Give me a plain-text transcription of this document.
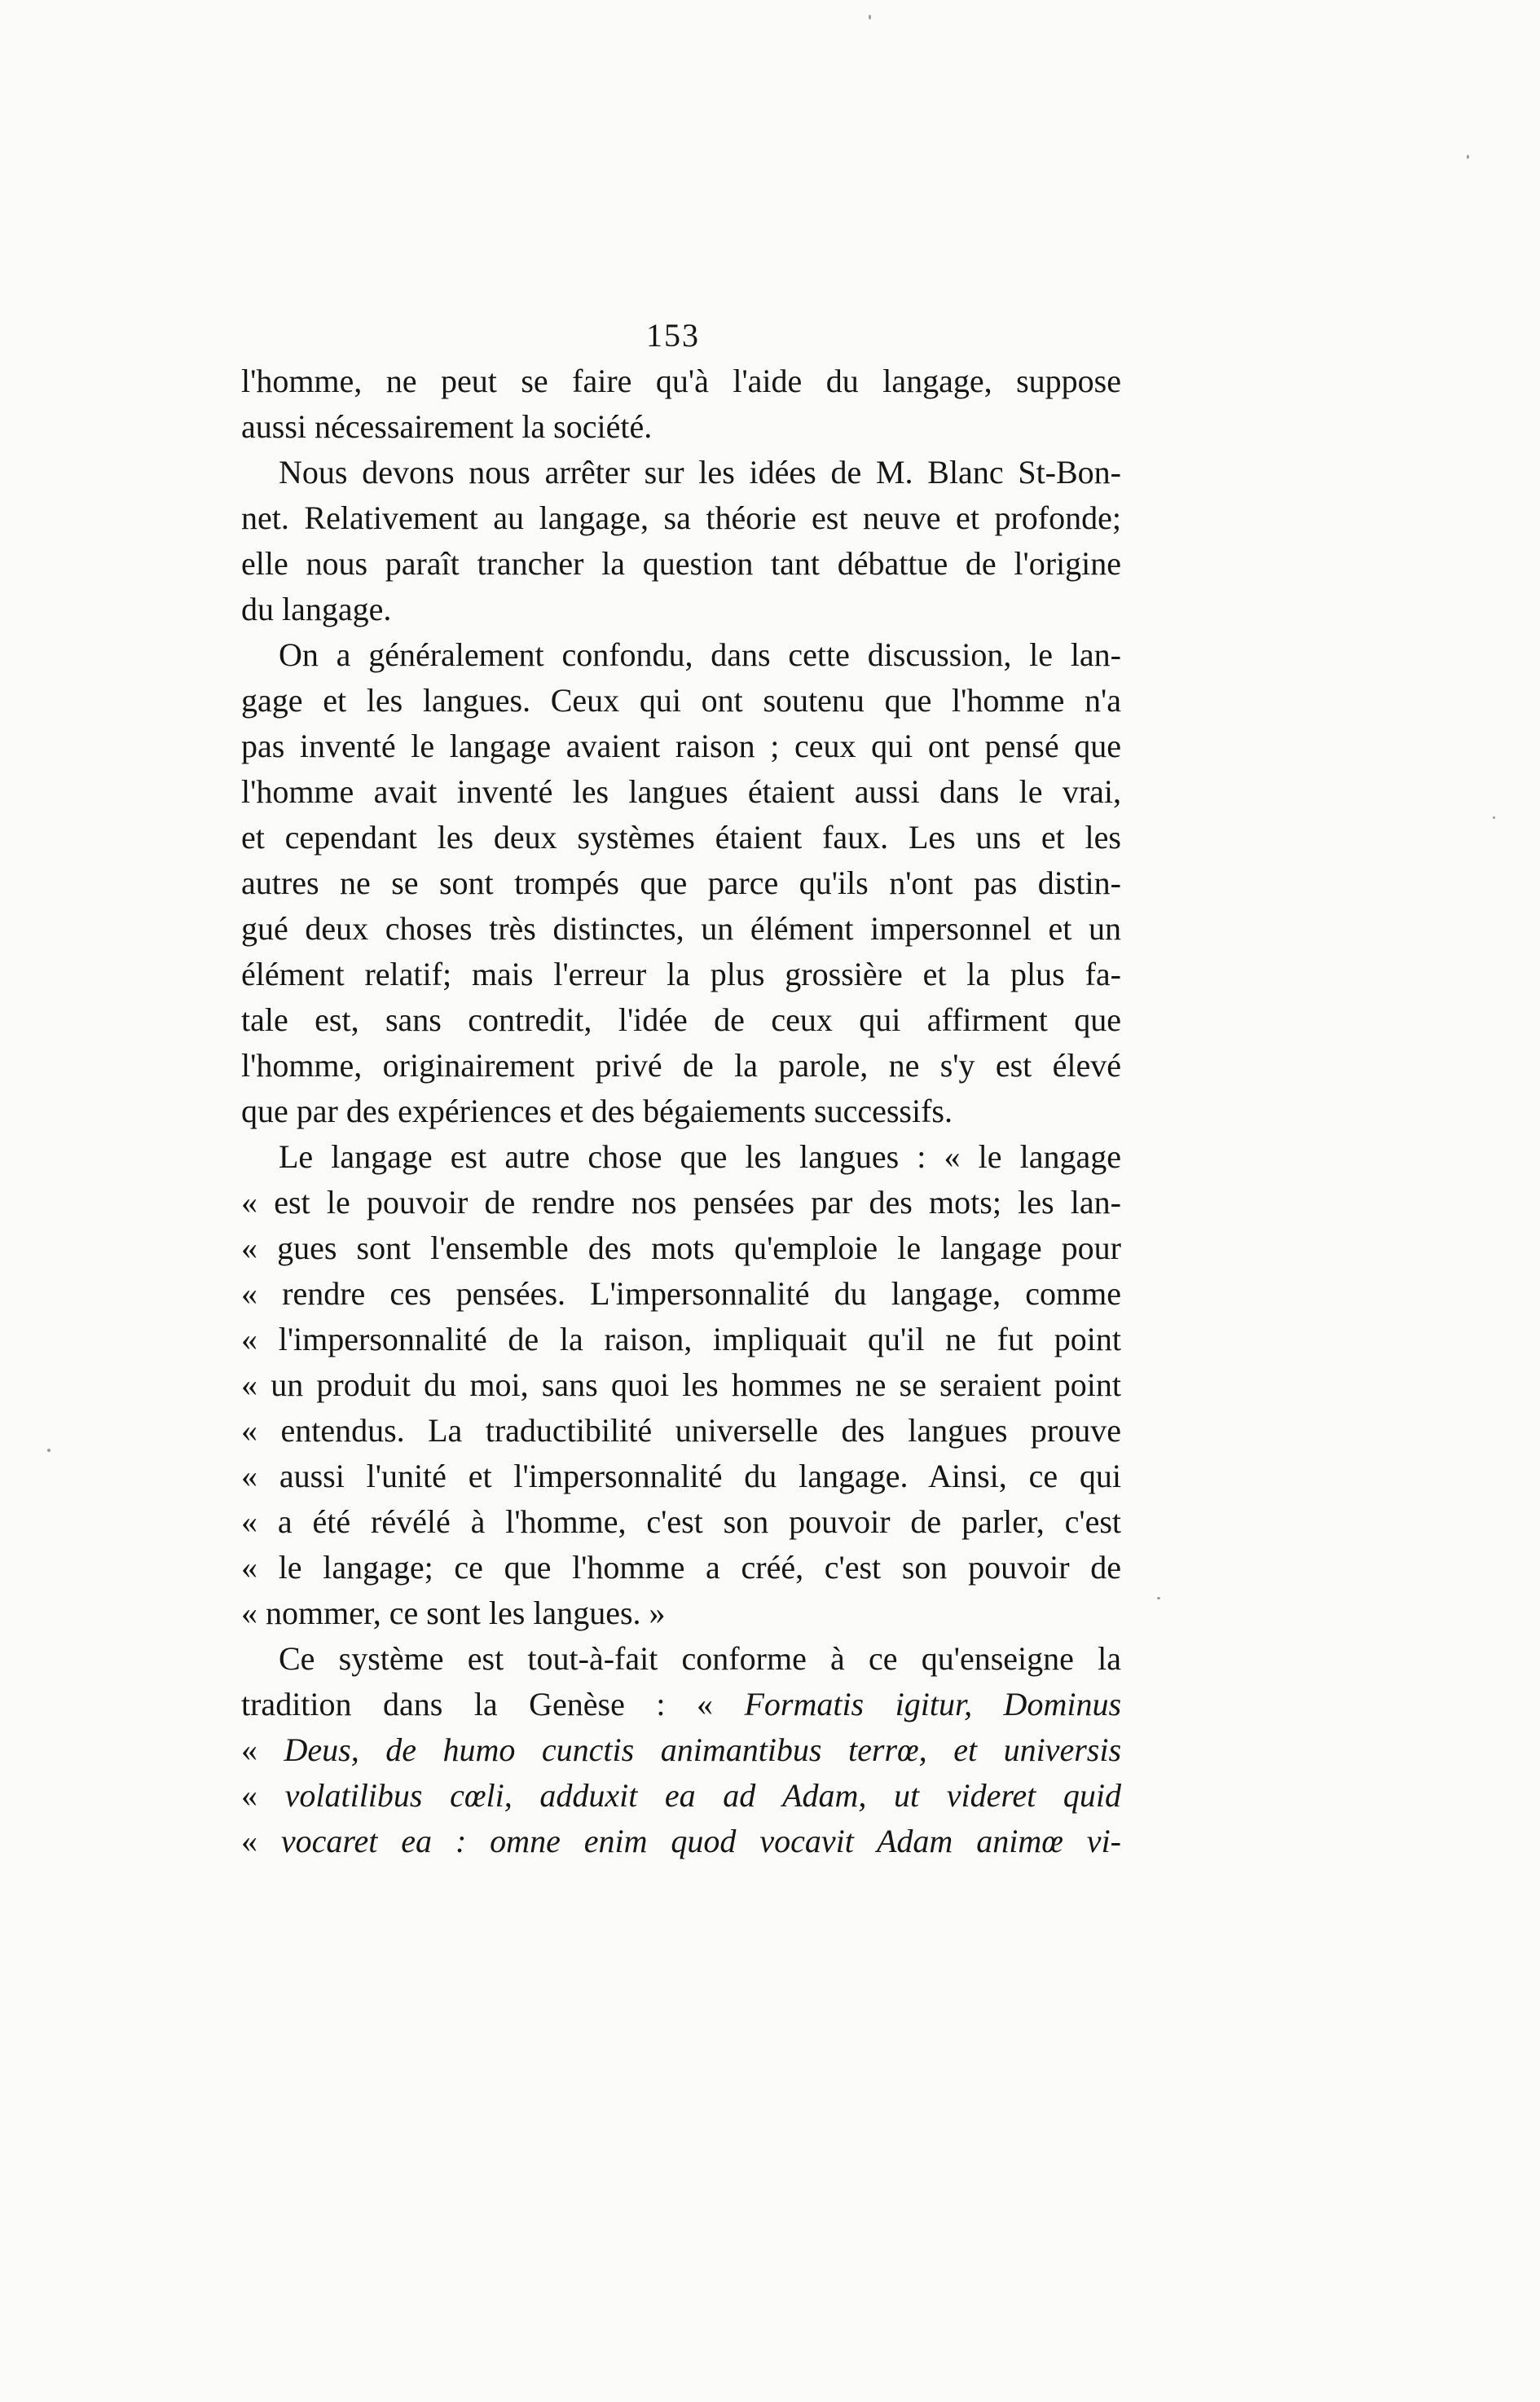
153
l'homme, ne peut se faire qu'à l'aide du langage, suppose
aussi nécessairement la société.
Nous devons nous arrêter sur les idées de M. Blanc St-Bon-
net. Relativement au langage, sa théorie est neuve et profonde;
elle nous paraît trancher la question tant débattue de l'origine
du langage.
On a généralement confondu, dans cette discussion, le lan-
gage et les langues. Ceux qui ont soutenu que l'homme n'a
pas inventé le langage avaient raison ; ceux qui ont pensé que
l'homme avait inventé les langues étaient aussi dans le vrai,
et cependant les deux systèmes étaient faux. Les uns et les
autres ne se sont trompés que parce qu'ils n'ont pas distin-
gué deux choses très distinctes, un élément impersonnel et un
élément relatif; mais l'erreur la plus grossière et la plus fa-
tale est, sans contredit, l'idée de ceux qui affirment que
l'homme, originairement privé de la parole, ne s'y est élevé
que par des expériences et des bégaiements successifs.
Le langage est autre chose que les langues : « le langage
« est le pouvoir de rendre nos pensées par des mots; les lan-
« gues sont l'ensemble des mots qu'emploie le langage pour
« rendre ces pensées. L'impersonnalité du langage, comme
« l'impersonnalité de la raison, impliquait qu'il ne fut point
« un produit du moi, sans quoi les hommes ne se seraient point
« entendus. La traductibilité universelle des langues prouve
« aussi l'unité et l'impersonnalité du langage. Ainsi, ce qui
« a été révélé à l'homme, c'est son pouvoir de parler, c'est
« le langage; ce que l'homme a créé, c'est son pouvoir de
« nommer, ce sont les langues. »
Ce système est tout-à-fait conforme à ce qu'enseigne la
tradition dans la Genèse : « Formatis igitur, Dominus
« Deus, de humo cunctis animantibus terrœ, et universis
« volatilibus cœli, adduxit ea ad Adam, ut videret quid
« vocaret ea : omne enim quod vocavit Adam animœ vi-
